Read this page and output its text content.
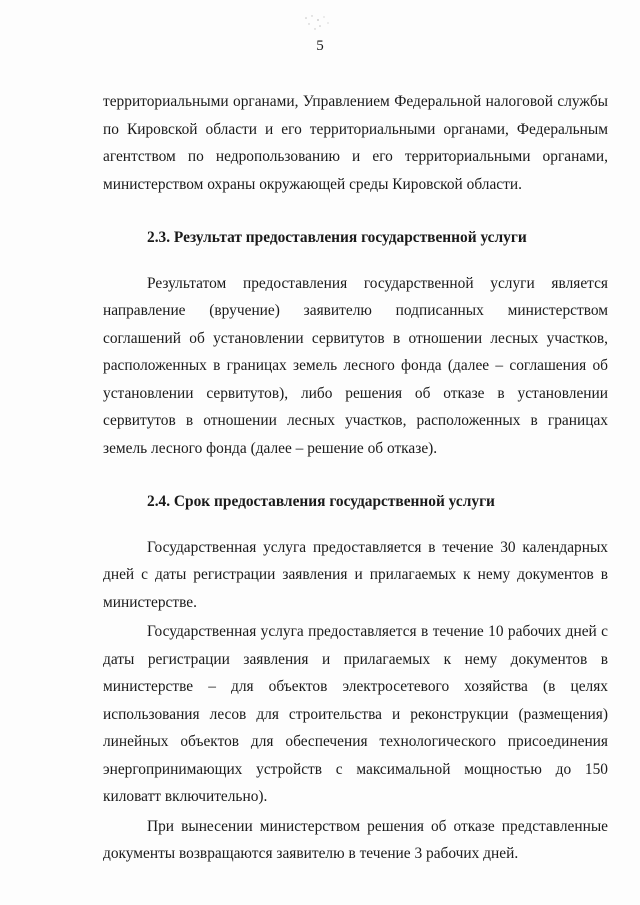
5

территориальными органами, Управлением Федеральной налоговой службы по Кировской области и его территориальными органами, Федеральным агентством по недропользованию и его территориальными органами, министерством охраны окружающей среды Кировской области.

2.3. Результат предоставления государственной услуги

Результатом предоставления государственной услуги является направление (вручение) заявителю подписанных министерством соглашений об установлении сервитутов в отношении лесных участков, расположенных в границах земель лесного фонда (далее – соглашения об установлении сервитутов), либо решения об отказе в установлении сервитутов в отношении лесных участков, расположенных в границах земель лесного фонда (далее – решение об отказе).

2.4. Срок предоставления государственной услуги

Государственная услуга предоставляется в течение 30 календарных дней с даты регистрации заявления и прилагаемых к нему документов в министерстве.

Государственная услуга предоставляется в течение 10 рабочих дней с даты регистрации заявления и прилагаемых к нему документов в министерстве – для объектов электросетевого хозяйства (в целях использования лесов для строительства и реконструкции (размещения) линейных объектов для обеспечения технологического присоединения энергопринимающих устройств с максимальной мощностью до 150 киловатт включительно).

При вынесении министерством решения об отказе представленные документы возвращаются заявителю в течение 3 рабочих дней.
